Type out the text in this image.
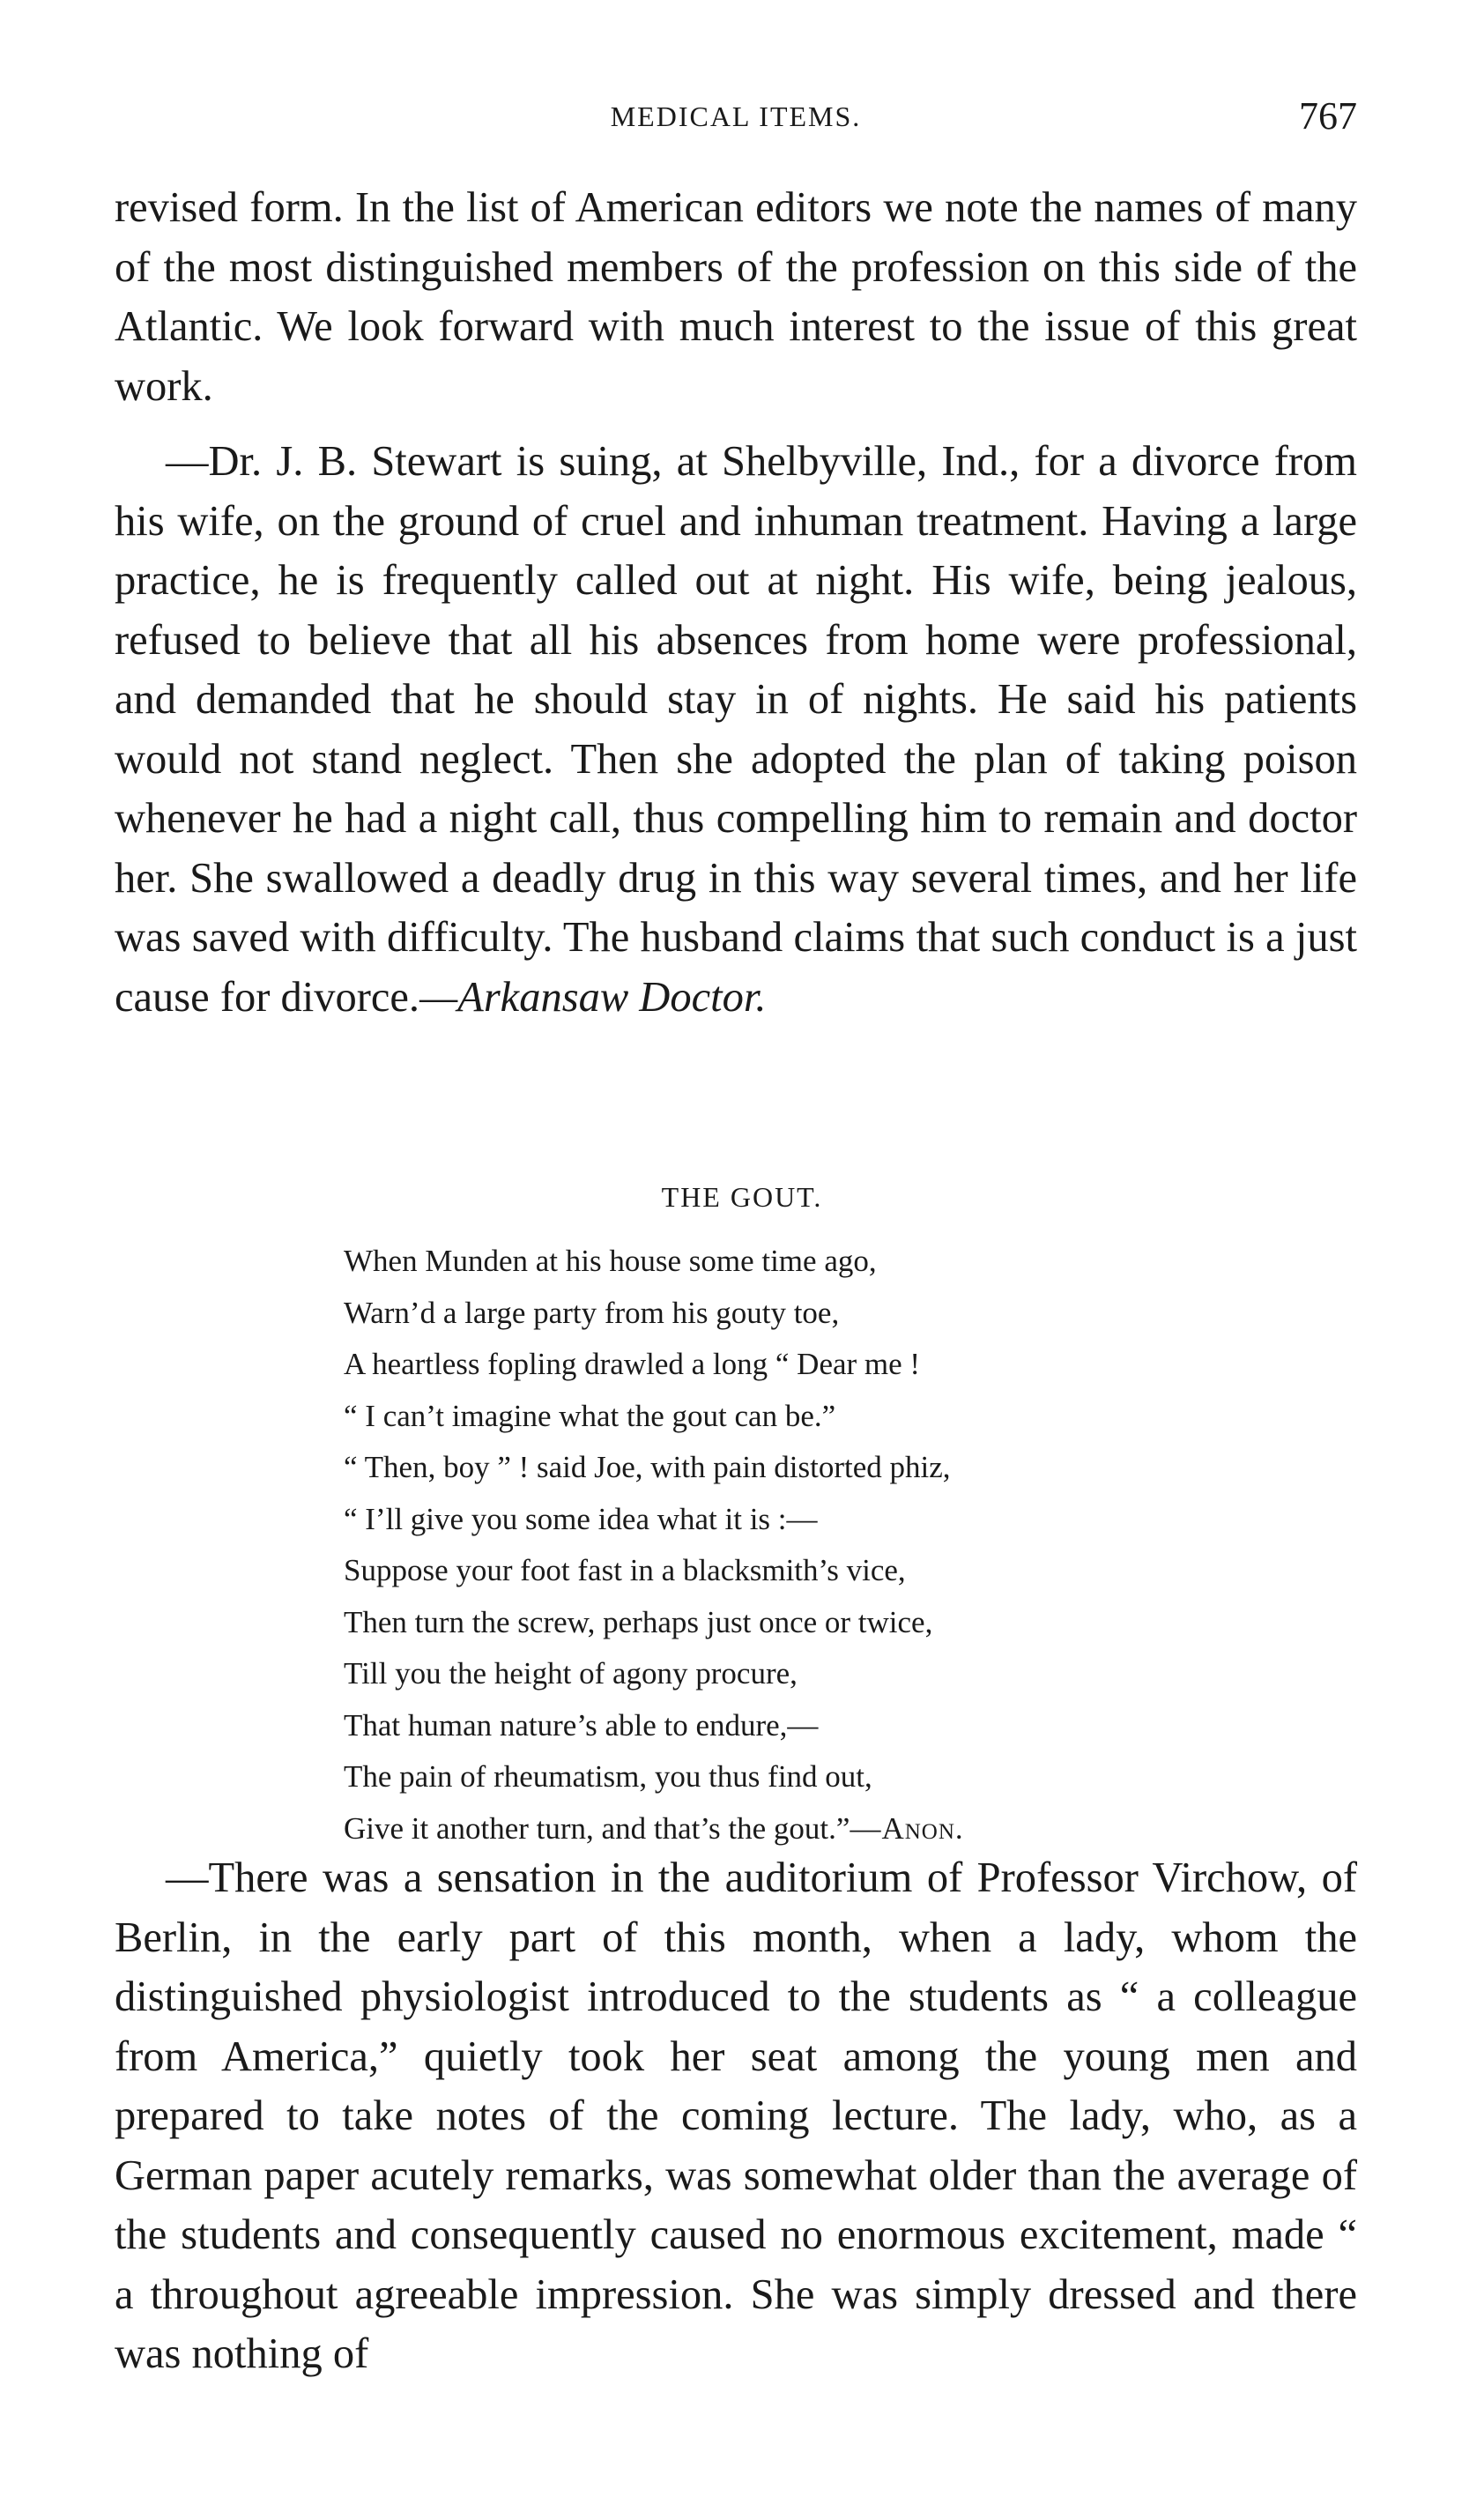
MEDICAL ITEMS.	767

revised form. In the list of American editors we note the names of many of the most distinguished members of the profession on this side of the Atlantic. We look forward with much interest to the issue of this great work.

—Dr. J. B. Stewart is suing, at Shelbyville, Ind., for a divorce from his wife, on the ground of cruel and inhuman treatment. Having a large practice, he is frequently called out at night. His wife, being jealous, refused to believe that all his absences from home were professional, and demanded that he should stay in of nights. He said his patients would not stand neglect. Then she adopted the plan of taking poison whenever he had a night call, thus compelling him to remain and doctor her. She swallowed a deadly drug in this way several times, and her life was saved with difficulty. The husband claims that such conduct is a just cause for divorce.—Arkansaw Doctor.

THE GOUT.
When Munden at his house some time ago,
Warn’d a large party from his gouty toe,
A heartless fopling drawled a long “ Dear me !
“ I can’t imagine what the gout can be.”
“ Then, boy ” ! said Joe, with pain distorted phiz,
“ I’ll give you some idea what it is :—
Suppose your foot fast in a blacksmith’s vice,
Then turn the screw, perhaps just once or twice,
Till you the height of agony procure,
That human nature’s able to endure,—
The pain of rheumatism, you thus find out,
Give it another turn, and that’s the gout.”—Anon.

—There was a sensation in the auditorium of Professor Virchow, of Berlin, in the early part of this month, when a lady, whom the distinguished physiologist introduced to the students as “ a colleague from America,” quietly took her seat among the young men and prepared to take notes of the coming lecture. The lady, who, as a German paper acutely remarks, was somewhat older than the average of the students and consequently caused no enormous excitement, made “ a throughout agreeable impression. She was simply dressed and there was nothing of
